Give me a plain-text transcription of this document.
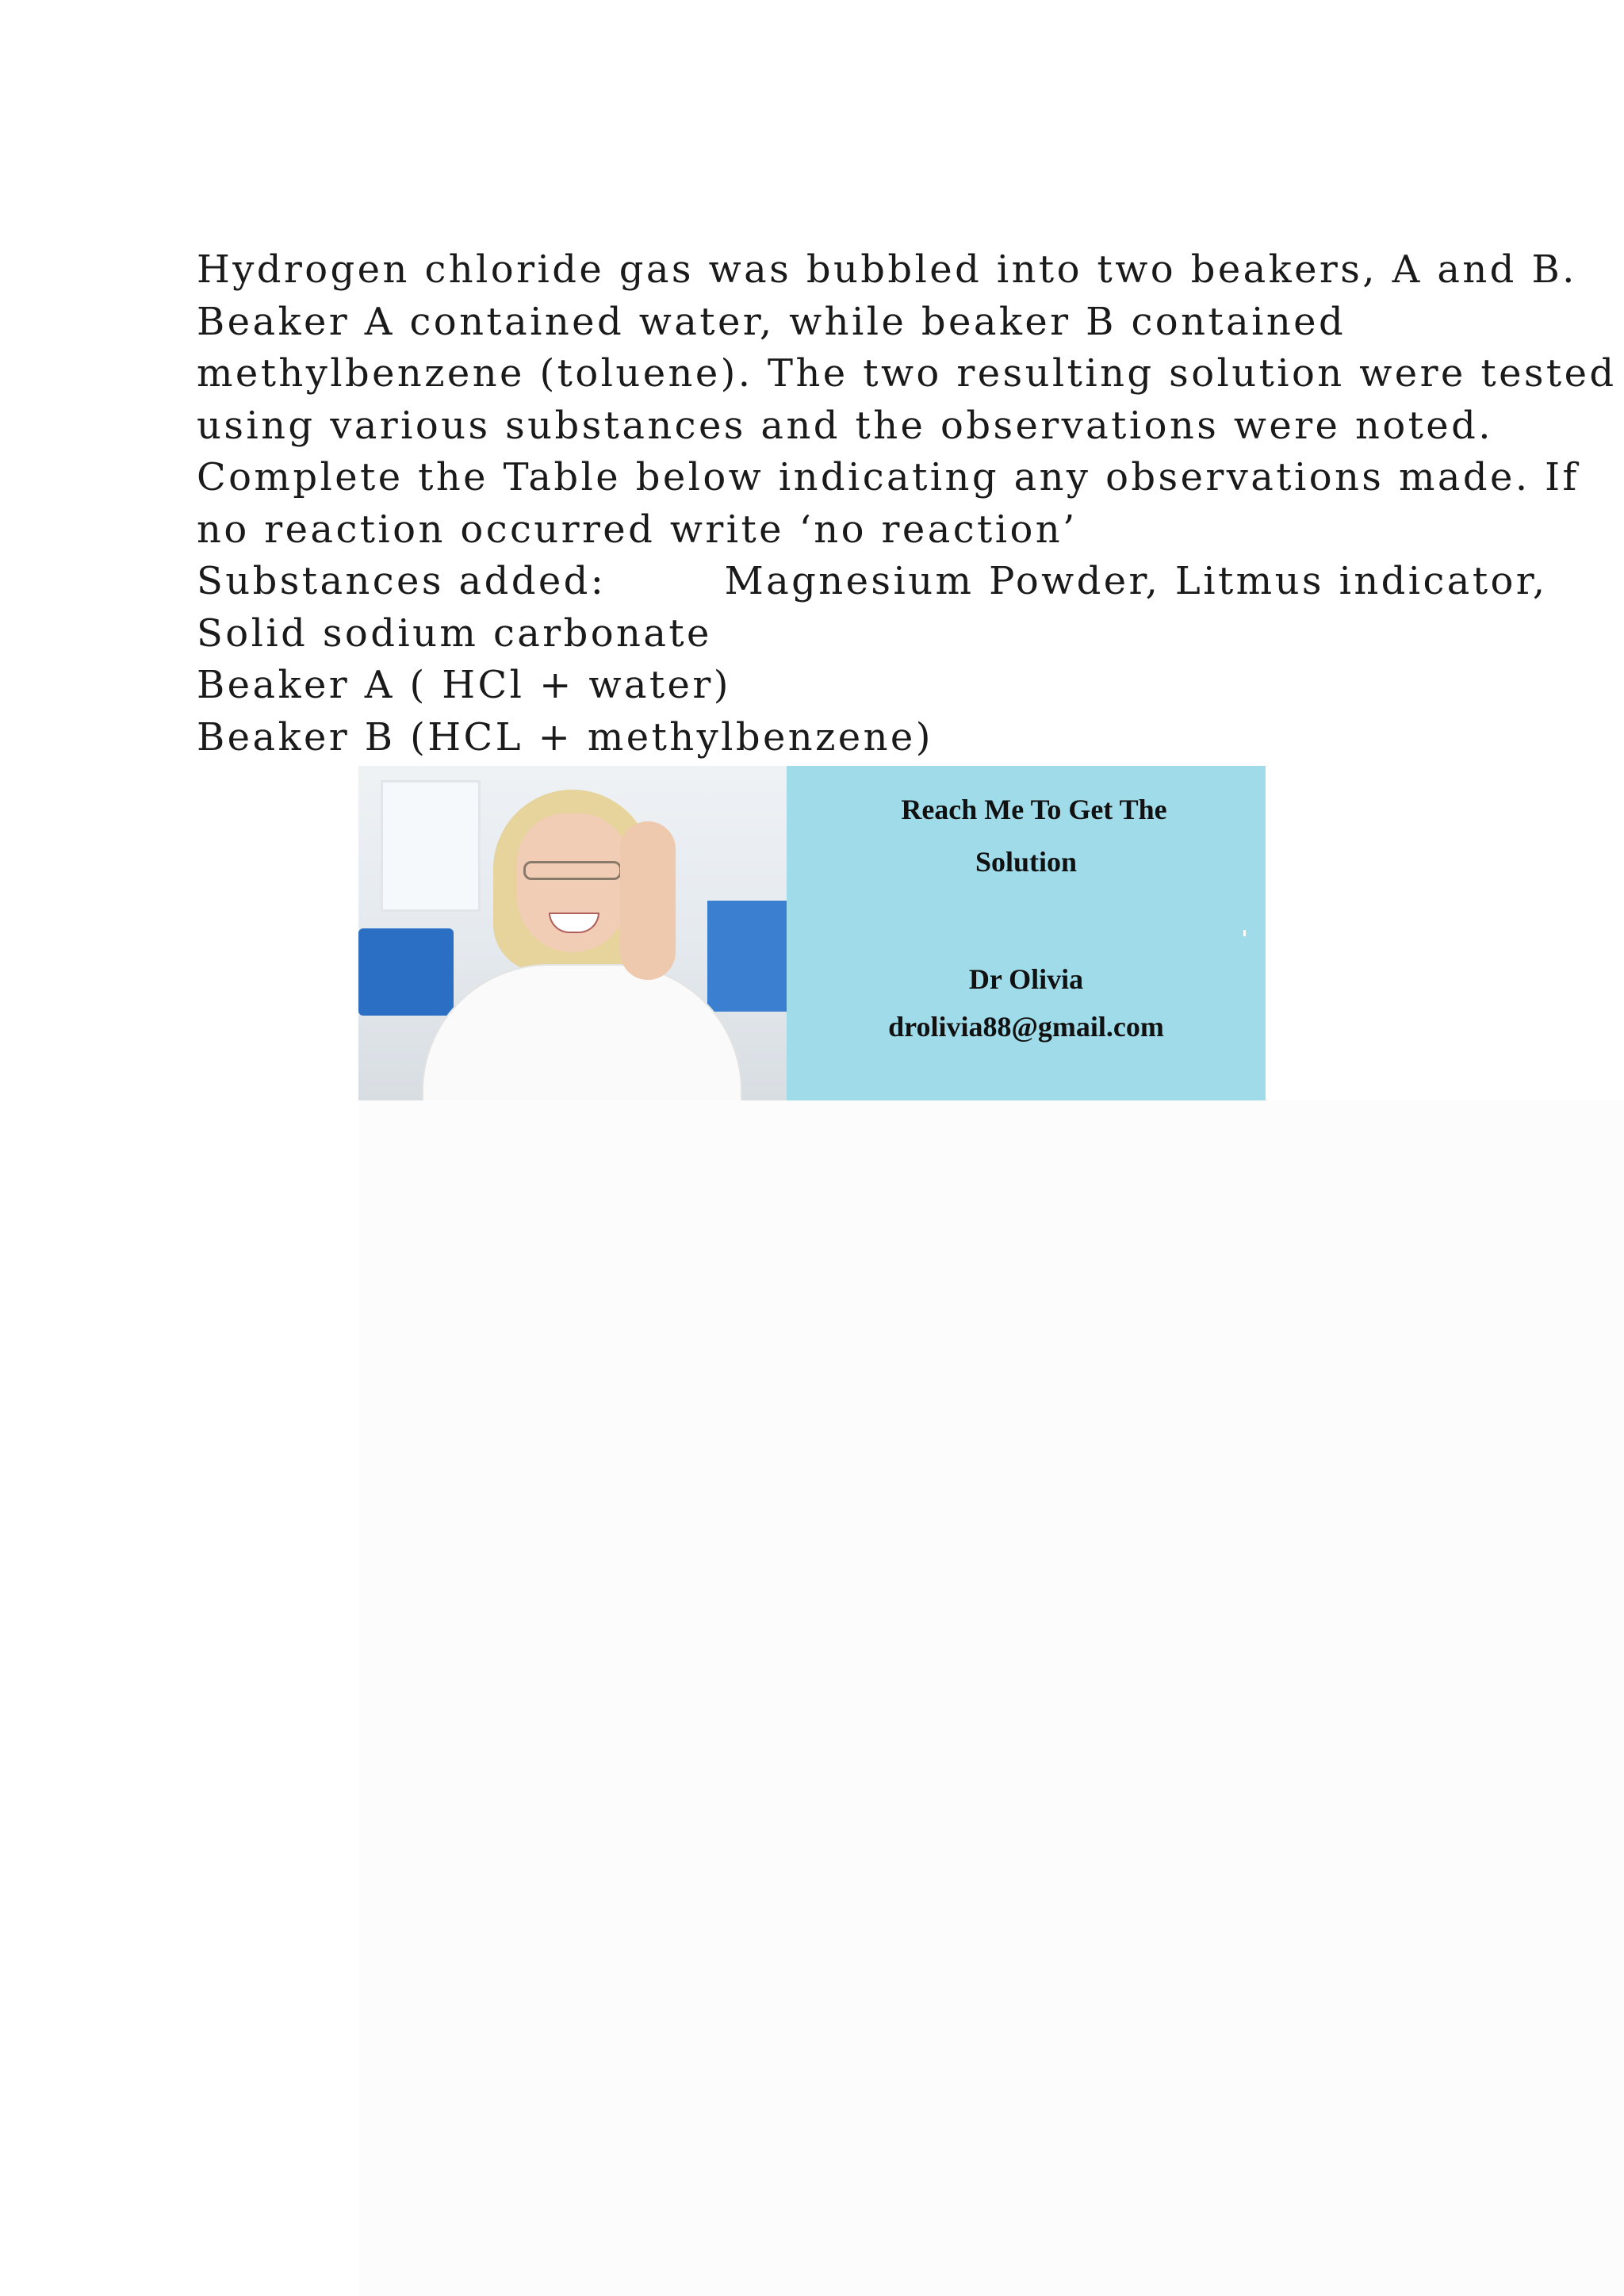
Hydrogen chloride gas was bubbled into two beakers, A and B.
Beaker A contained water, while beaker B contained
methylbenzene (toluene). The two resulting solution were tested
using various substances and the observations were noted.
Complete the Table below indicating any observations made. If
no reaction occurred write ‘no reaction’
Substances added:        Magnesium Powder, Litmus indicator,
Solid sodium carbonate
Beaker A ( HCl + water)
Beaker B (HCL + methylbenzene)
Reach Me To Get The
Solution
Dr Olivia
drolivia88@gmail.com
